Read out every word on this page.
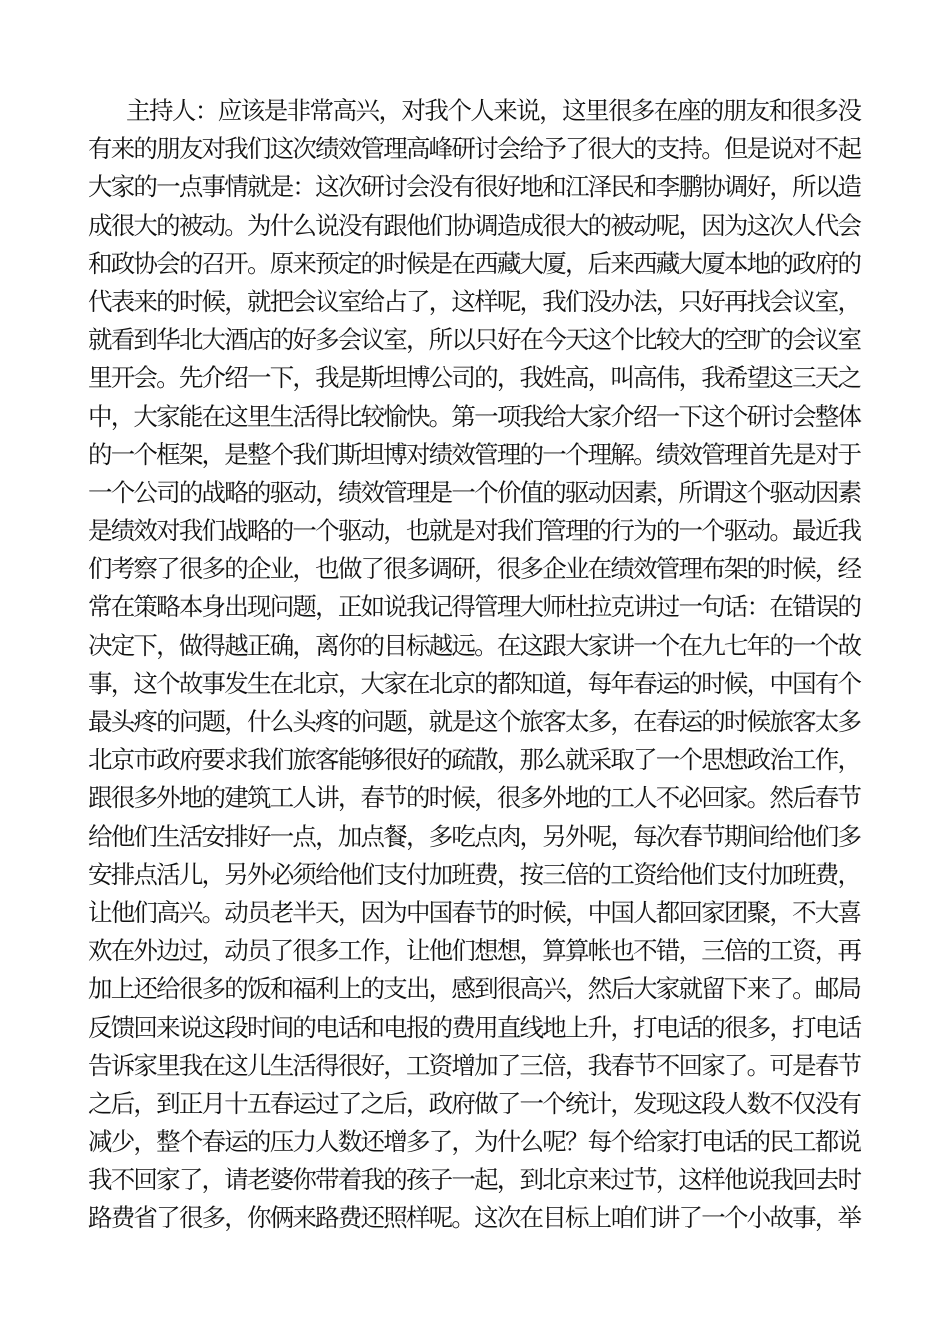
主持人：应该是非常高兴，对我个人来说，这里很多在座的朋友和很多没
有来的朋友对我们这次绩效管理高峰研讨会给予了很大的支持。但是说对不起
大家的一点事情就是：这次研讨会没有很好地和江泽民和李鹏协调好，所以造
成很大的被动。为什么说没有跟他们协调造成很大的被动呢，因为这次人代会
和政协会的召开。原来预定的时候是在西藏大厦，后来西藏大厦本地的政府的
代表来的时候，就把会议室给占了，这样呢，我们没办法，只好再找会议室，
就看到华北大酒店的好多会议室，所以只好在今天这个比较大的空旷的会议室
里开会。先介绍一下，我是斯坦博公司的，我姓高，叫高伟，我希望这三天之
中，大家能在这里生活得比较愉快。第一项我给大家介绍一下这个研讨会整体
的一个框架，是整个我们斯坦博对绩效管理的一个理解。绩效管理首先是对于
一个公司的战略的驱动，绩效管理是一个价值的驱动因素，所谓这个驱动因素
是绩效对我们战略的一个驱动，也就是对我们管理的行为的一个驱动。最近我
们考察了很多的企业，也做了很多调研，很多企业在绩效管理布架的时候，经
常在策略本身出现问题，正如说我记得管理大师杜拉克讲过一句话：在错误的
决定下，做得越正确，离你的目标越远。在这跟大家讲一个在九七年的一个故
事，这个故事发生在北京，大家在北京的都知道，每年春运的时候，中国有个
最头疼的问题，什么头疼的问题，就是这个旅客太多，在春运的时候旅客太多
北京市政府要求我们旅客能够很好的疏散，那么就采取了一个思想政治工作，
跟很多外地的建筑工人讲，春节的时候，很多外地的工人不必回家。然后春节
给他们生活安排好一点，加点餐，多吃点肉，另外呢，每次春节期间给他们多
安排点活儿，另外必须给他们支付加班费，按三倍的工资给他们支付加班费，
让他们高兴。动员老半天，因为中国春节的时候，中国人都回家团聚，不大喜
欢在外边过，动员了很多工作，让他们想想，算算帐也不错，三倍的工资，再
加上还给很多的饭和福利上的支出，感到很高兴，然后大家就留下来了。邮局
反馈回来说这段时间的电话和电报的费用直线地上升，打电话的很多，打电话
告诉家里我在这儿生活得很好，工资增加了三倍，我春节不回家了。可是春节
之后，到正月十五春运过了之后，政府做了一个统计，发现这段人数不仅没有
减少，整个春运的压力人数还增多了，为什么呢？每个给家打电话的民工都说
我不回家了，请老婆你带着我的孩子一起，到北京来过节，这样他说我回去时
路费省了很多，你俩来路费还照样呢。这次在目标上咱们讲了一个小故事，举
